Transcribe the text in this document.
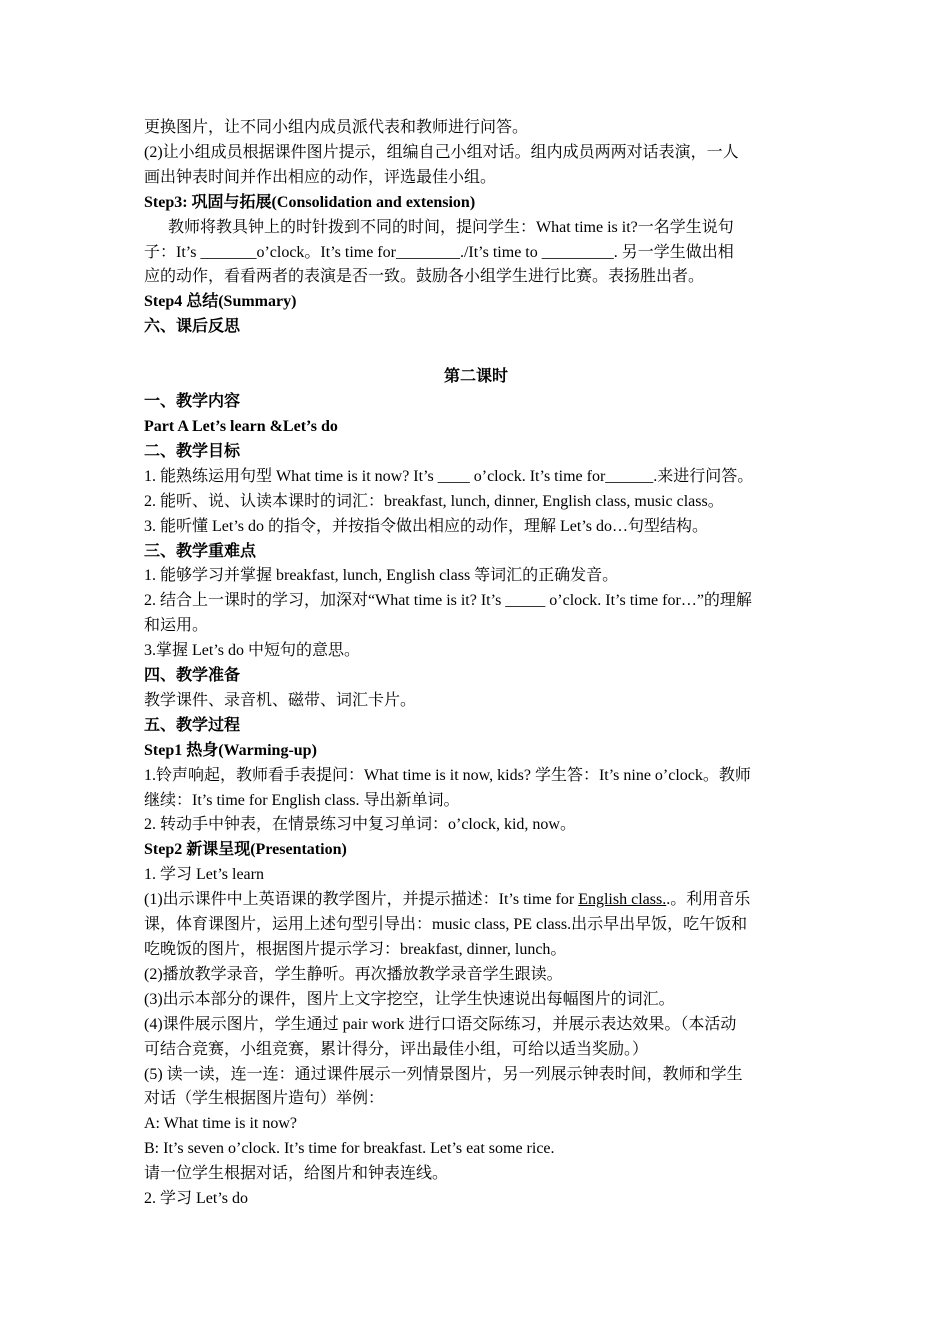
更换图片，让不同小组内成员派代表和教师进行问答。
(2)让小组成员根据课件图片提示，组编自己小组对话。组内成员两两对话表演，一人
画出钟表时间并作出相应的动作，评选最佳小组。
Step3: 巩固与拓展(Consolidation and extension)
教师将教具钟上的时针拨到不同的时间，提问学生：What time is it?一名学生说句
子：It’s _______o’clock。It’s time for________./It’s time to _________. 另一学生做出相
应的动作，看看两者的表演是否一致。鼓励各小组学生进行比赛。表扬胜出者。
Step4 总结(Summary)
六、课后反思
第二课时
一、教学内容
Part A Let’s learn &Let’s do
二、教学目标
1. 能熟练运用句型 What time is it now? It’s ____ o’clock. It’s time for______.来进行问答。
2. 能听、说、认读本课时的词汇：breakfast, lunch, dinner, English class, music class。
3. 能听懂 Let’s do 的指令，并按指令做出相应的动作，理解 Let’s do…句型结构。
三、教学重难点
1. 能够学习并掌握 breakfast, lunch, English class 等词汇的正确发音。
2. 结合上一课时的学习，加深对“What time is it? It’s _____ o’clock. It’s time for…”的理解
和运用。
3.掌握 Let’s do 中短句的意思。
四、教学准备
教学课件、录音机、磁带、词汇卡片。
五、教学过程
Step1 热身(Warming-up)
1.铃声响起，教师看手表提问：What time is it now, kids? 学生答：It’s nine o’clock。教师
继续：It’s time for English class. 导出新单词。
2. 转动手中钟表，在情景练习中复习单词：o’clock, kid, now。
Step2 新课呈现(Presentation)
1. 学习 Let’s learn
(1)出示课件中上英语课的教学图片，并提示描述：It’s time for English class..。利用音乐
课，体育课图片，运用上述句型引导出：music class, PE class.出示早出早饭，吃午饭和
吃晚饭的图片，根据图片提示学习：breakfast, dinner, lunch。
(2)播放教学录音，学生静听。再次播放教学录音学生跟读。
(3)出示本部分的课件，图片上文字挖空，让学生快速说出每幅图片的词汇。
(4)课件展示图片，学生通过 pair work 进行口语交际练习，并展示表达效果。（本活动
可结合竞赛，小组竞赛，累计得分，评出最佳小组，可给以适当奖励。）
(5) 读一读，连一连：通过课件展示一列情景图片，另一列展示钟表时间，教师和学生
对话（学生根据图片造句）举例：
A: What time is it now?
B: It’s seven o’clock. It’s time for breakfast. Let’s eat some rice.
请一位学生根据对话，给图片和钟表连线。
2. 学习 Let’s do
